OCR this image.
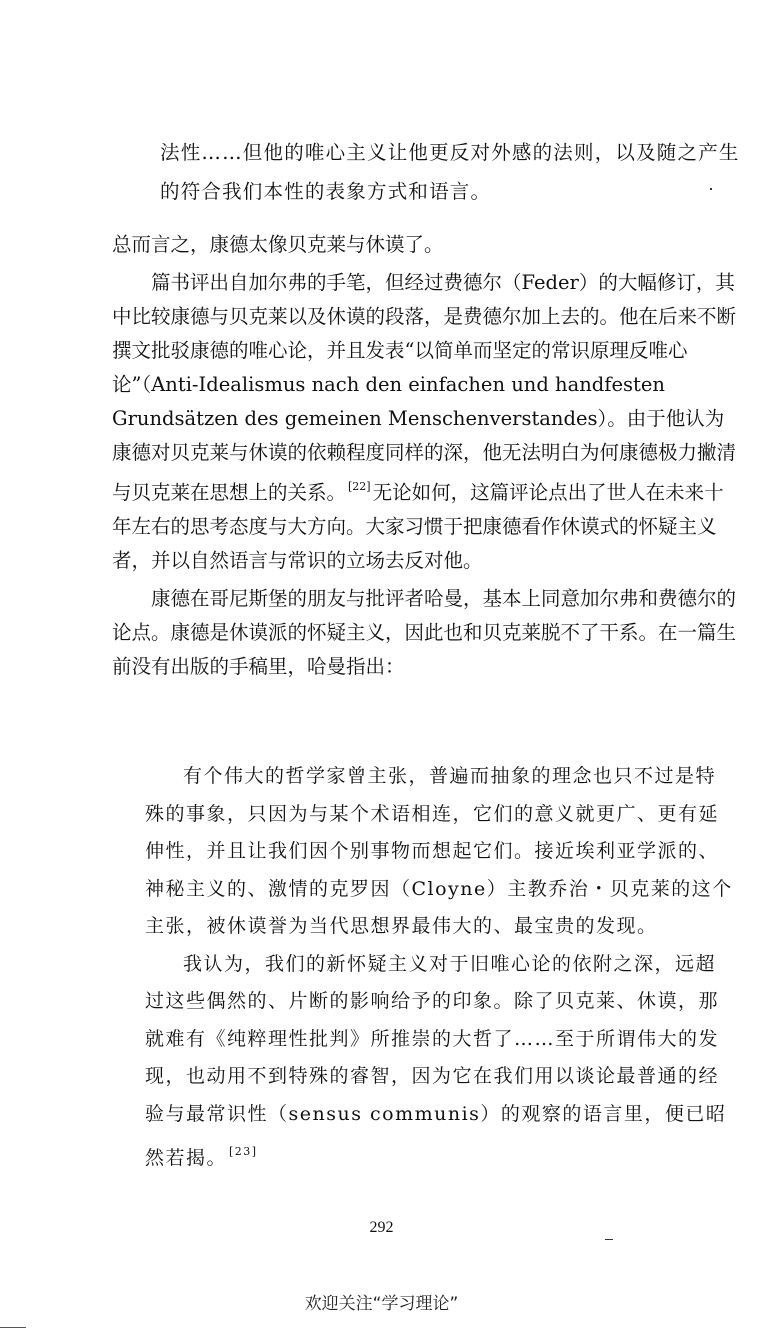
法性……但他的唯心主义让他更反对外感的法则，以及随之产生的符合我们本性的表象方式和语言。

总而言之，康德太像贝克莱与休谟了。

篇书评出自加尔弗的手笔，但经过费德尔（Feder）的大幅修订，其中比较康德与贝克莱以及休谟的段落，是费德尔加上去的。他在后来不断撰文批驳康德的唯心论，并且发表“以简单而坚定的常识原理反唯心论”（Anti-Idealismus nach den einfachen und handfesten Grundsätzen des gemeinen Menschenverstandes）。由于他认为康德对贝克莱与休谟的依赖程度同样的深，他无法明白为何康德极力撇清与贝克莱在思想上的关系。 [22] 无论如何，这篇评论点出了世人在未来十年左右的思考态度与大方向。大家习惯于把康德看作休谟式的怀疑主义者，并以自然语言与常识的立场去反对他。

康德在哥尼斯堡的朋友与批评者哈曼，基本上同意加尔弗和费德尔的论点。康德是休谟派的怀疑主义，因此也和贝克莱脱不了干系。在一篇生前没有出版的手稿里，哈曼指出：

有个伟大的哲学家曾主张，普遍而抽象的理念也只不过是特殊的事象，只因为与某个术语相连，它们的意义就更广、更有延伸性，并且让我们因个别事物而想起它们。接近埃利亚学派的、神秘主义的、激情的克罗因（Cloyne）主教乔治・贝克莱的这个主张，被休谟誉为当代思想界最伟大的、最宝贵的发现。

我认为，我们的新怀疑主义对于旧唯心论的依附之深，远超过这些偶然的、片断的影响给予的印象。除了贝克莱、休谟，那就难有《纯粹理性批判》所推崇的大哲了……至于所谓伟大的发现，也动用不到特殊的睿智，因为它在我们用以谈论最普通的经验与最常识性（sensus communis）的观察的语言里，便已昭然若揭。 [23]

292
欢迎关注“学习理论”
